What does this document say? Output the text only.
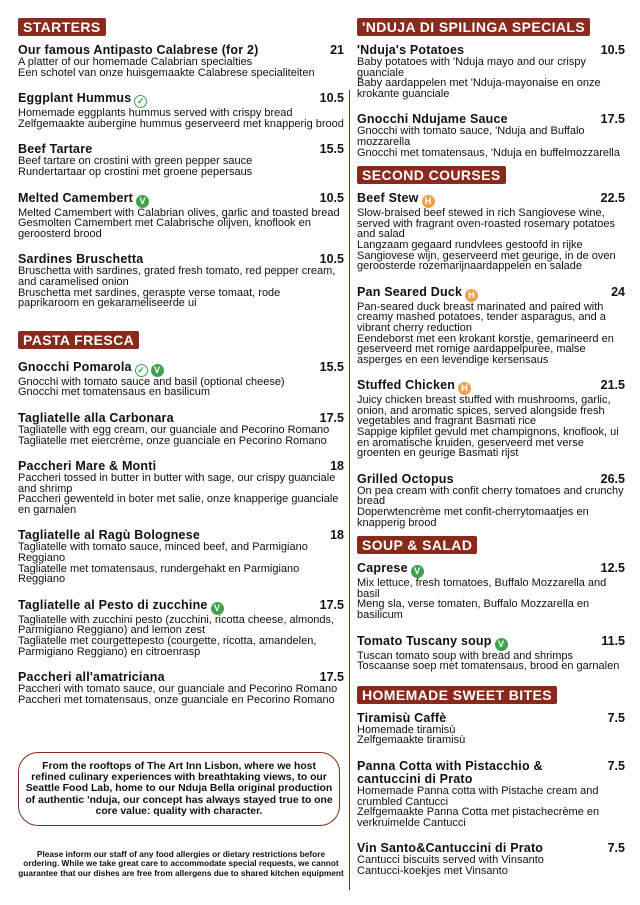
STARTERS
Our famous Antipasto Calabrese (for 2)	21

A platter of our homemade Calabrian specialties

Een schotel van onze huisgemaakte Calabrese specialiteiten

Eggplant Hummus ✓	10.5

Homemade eggplants hummus served with crispy bread

Zelfgemaakte aubergine hummus geserveerd met knapperig brood

Beef Tartare	15.5

Beef tartare on crostini with green pepper sauce

Rundertartaar op crostini met groene pepersaus

Melted Camembert V	10.5

Melted Camembert with Calabrian olives, garlic and toasted bread

Gesmolten Camembert met Calabrische olijven, knoflook en geroosterd brood

Sardines Bruschetta	10.5

Bruschetta with sardines, grated fresh tomato, red pepper cream, and caramelised onion

Bruschetta met sardines, geraspte verse tomaat, rode paprikaroom en gekarameliseerde ui

PASTA FRESCA
Gnocchi Pomarola ✓ V	15.5

Gnocchi with tomato sauce and basil (optional cheese)

Gnocchi met tomatensaus en basilicum

Tagliatelle alla Carbonara	17.5

Tagliatelle with egg cream, our guanciale and Pecorino Romano

Tagliatelle met eiercrème, onze guanciale en Pecorino Romano

Paccheri Mare & Monti	18

Paccheri tossed in butter in butter with sage, our crispy guanciale and shrimp

Paccheri gewenteld in boter met salie, onze knapperige guanciale en garnalen

Tagliatelle al Ragù Bolognese	18

Tagliatelle with tomato sauce, minced beef, and Parmigiano Reggiano

Tagliatelle met tomatensaus, rundergehakt en Parmigiano Reggiano

Tagliatelle al Pesto di zucchine V	17.5

Tagliatelle with zucchini pesto (zucchini, ricotta cheese, almonds, Parmigiano Reggiano) and lemon zest

Tagliatelle met courgettepesto (courgette, ricotta, amandelen, Parmigiano Reggiano) en citroenrasp

Paccheri all'amatriciana	17.5

Paccheri with tomato sauce, our guanciale and Pecorino Romano

Paccheri met tomatensaus, onze guanciale en Pecorino Romano

From the rooftops of The Art Inn Lisbon, where we host refined culinary experiences with breathtaking views, to our Seattle Food Lab, home to our Nduja Bella original production of authentic 'nduja, our concept has always stayed true to one core value: quality with character.
Please inform our staff of any food allergies or dietary restrictions before ordering. While we take great care to accommodate special requests, we cannot guarantee that our dishes are free from allergens due to shared kitchen equipment
'NDUJA DI SPILINGA SPECIALS
'Nduja's Potatoes	10.5

Baby potatoes with 'Nduja mayo and our crispy guanciale

Baby aardappelen met 'Nduja-mayonaise en onze krokante guanciale

Gnocchi Ndujame Sauce	17.5

Gnocchi with tomato sauce, 'Nduja and Buffalo mozzarella

Gnocchi met tomatensaus, 'Nduja en buffelmozzarella

SECOND COURSES
Beef Stew H	22.5

Slow-braised beef stewed in rich Sangiovese wine, served with fragrant oven-roasted rosemary potatoes and salad

Langzaam gegaard rundvlees gestoofd in rijke Sangiovese wijn, geserveerd met geurige, in de oven geroosterde rozemarijnaardappelen en salade

Pan Seared Duck H	24

Pan-seared duck breast marinated and paired with creamy mashed potatoes, tender asparagus, and a vibrant cherry reduction

Eendeborst met een krokant korstje, gemarineerd en geserveerd met romige aardappelpuree, malse asperges en een levendige kersensaus

Stuffed Chicken H	21.5

Juicy chicken breast stuffed with mushrooms, garlic, onion, and aromatic spices, served alongside fresh vegetables and fragrant Basmati rice

Sappige kipfilet gevuld met champignons, knoflook, ui en aromatische kruiden, geserveerd met verse groenten en geurige Basmati rijst

Grilled Octopus	26.5

On pea cream with confit cherry tomatoes and crunchy bread

Doperwtencrème met confit-cherrytomaatjes en knapperig brood

SOUP & SALAD
Caprese V	12.5

Mix lettuce, fresh tomatoes, Buffalo Mozzarella and basil

Meng sla, verse tomaten, Buffalo Mozzarella en basilicum

Tomato Tuscany soup V	11.5

Tuscan tomato soup with bread and shrimps

Toscaanse soep met tomatensaus, brood en garnalen

HOMEMADE SWEET BITES
Tiramisù Caffè	7.5

Homemade tiramisù

Zelfgemaakte tiramisù

Panna Cotta with Pistacchio & cantuccini di Prato
7.5

Homemade Panna cotta with Pistache cream and crumbled Cantucci

Zelfgemaakte Panna Cotta met pistachecrème en verkruimelde Cantucci

Vin Santo&Cantuccini di Prato	7.5

Cantucci biscuits served with Vinsanto

Cantucci-koekjes met Vinsanto
